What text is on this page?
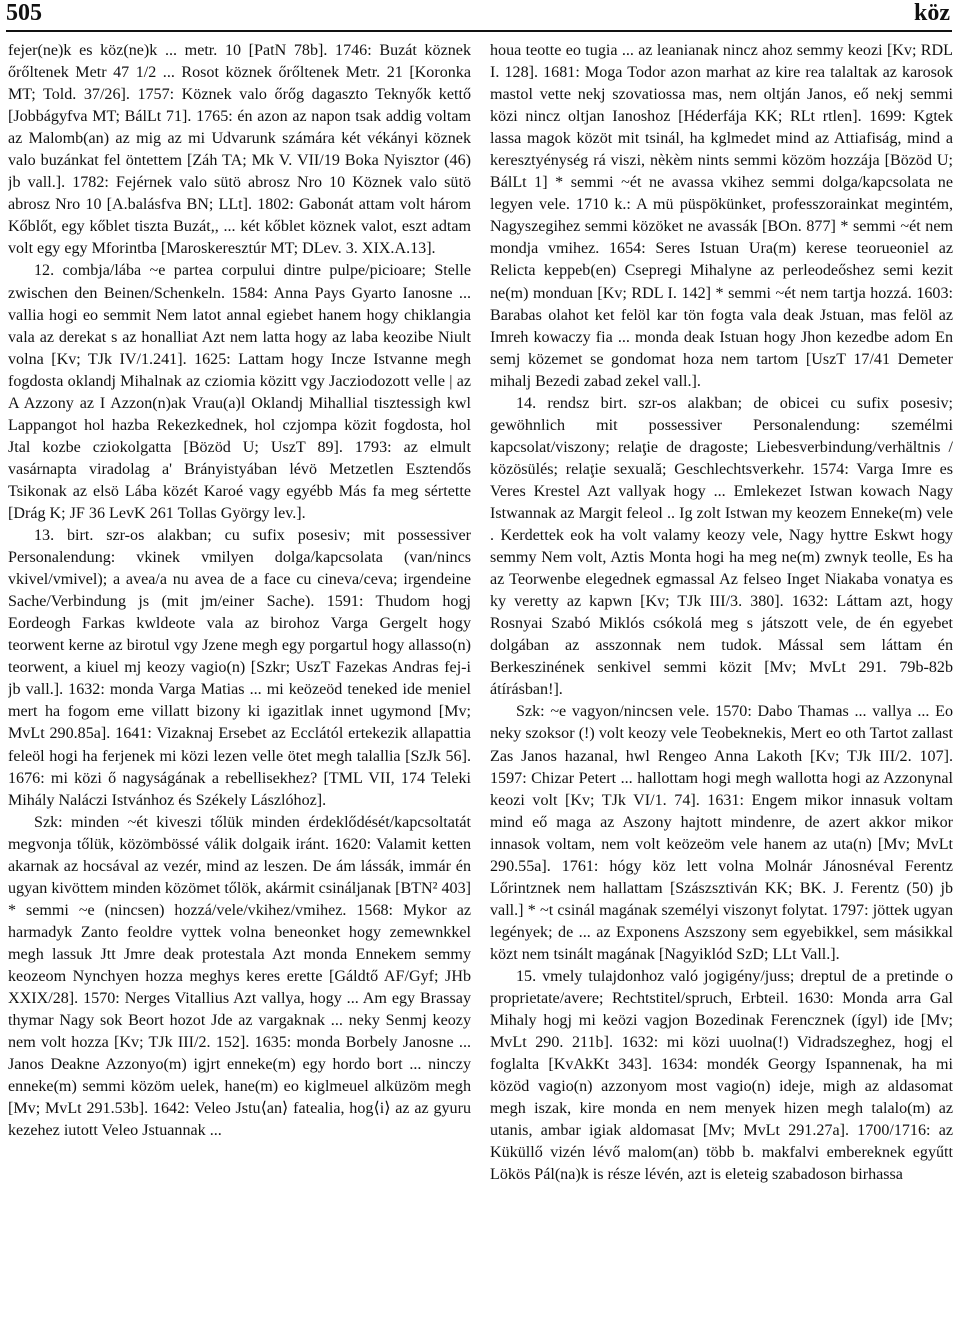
505	köz

fejer(ne)k es köz(ne)k ... metr. 10 [PatN 78b]. 1746: Buzát köznek őrőltenek Metr 47 1/2 ... Rosot köznek őrőltenek Metr. 21 [Koronka MT; Told. 37/26]. 1757: Köznek valo őrőg dagaszto Teknyők kettő [Jobbágyfva MT; BálLt 71]. 1765: én azon az napon tsak addig voltam az Malomb(an) az mig az mi Udvarunk számára két vékányi köznek valo buzánkat fel öntettem [Záh TA; Mk V. VII/19 Boka Nyisztor (46) jb vall.]. 1782: Fejérnek valo sütö abrosz Nro 10 Köznek valo sütö abrosz Nro 10 [A.balásfva BN; LLt]. 1802: Gabonát attam volt három Kőblőt, egy kőblet tiszta Buzát,, ... két kőblet köznek valot, eszt adtam volt egy egy Mforintba [Maroskeresztúr MT; DLev. 3. XIX.A.13].

12. combja/lába ~e partea corpului dintre pulpe/picioare; Stelle zwischen den Beinen/Schenkeln. 1584: Anna Pays Gyarto Ianosne ... vallia hogi eo semmit Nem latot annal egiebet hanem hogy chiklangia vala az derekat s az honalliat Azt nem latta hogy az laba keozibe Niult volna [Kv; TJk IV/1.241]. 1625: Lattam hogy Incze Istvanne megh fogdosta oklandj Mihalnak az cziomia közitt vgy Jacziodozott velle | az A Azzony az I Azzon(n)ak Vrau(a)l Oklandj Mihallial tisztessigh kwl Lappangot hol hazba Rekezkednek, hol czjompa közit fogdosta, hol Jtal kozbe cziokolgatta [Bözöd U; UszT 89]. 1793: az elmult vasárnapta viradolag a' Brányistyában lévö Metzetlen Esztendős Tsikonak az elsö Lába közét Karoé vagy egyébb Más fa meg sértette [Drág K; JF 36 LevK 261 Tollas György lev.].

13. birt. szr-os alakban; cu sufix posesiv; mit possessiver Personalendung: vkinek vmilyen dolga/kapcsolata (van/nincs vkivel/vmivel); a avea/a nu avea de a face cu cineva/ceva; irgendeine Sache/Verbindung js (mit jm/einer Sache). 1591: Thudom hogj Eordeogh Farkas kwldeote vala az birohoz Varga Gergelt hogy teorwent kerne az birotul vgy Jzene megh egy porgartul hogy allasso(n) teorwent, a kiuel mj keozy vagio(n) [Szkr; UszT Fazekas Andras fej-i jb vall.]. 1632: monda Varga Matias ... mi keözeöd teneked ide meniel mert ha fogom eme villatt bizony ki igazitlak innet ugymond [Mv; MvLt 290.85a]. 1641: Vizaknaj Ersebet az Ecclától ertekezik allapattia feleöl hogi ha ferjenek mi közi lezen velle ötet megh talallia [SzJk 56]. 1676: mi közi ő nagyságának a rebellisekhez? [TML VII, 174 Teleki Mihály Naláczi Istvánhoz és Székely Lászlóhoz].

Szk: minden ~ét kiveszi tőlük minden érdeklődését/kapcsoltatát megvonja tőlük, közömbössé válik dolgaik iránt. 1620: Valamit ketten akarnak az hocsával az vezér, mind az leszen. De ám lássák, immár én ugyan kivöttem minden közömet tőlök, akármit csináljanak [BTN² 403] * semmi ~e (nincsen) hozzá/vele/vkihez/vmihez. 1568: Mykor az harmadyk Zanto feoldre vyttek volna beneonket hogy zemewnkkel megh lassuk Jtt Jmre deak protestala Azt monda Ennekem semmy keozeom Nynchyen hozza meghys keres erette [Gáldtő AF/Gyf; JHb XXIX/28]. 1570: Nerges Vitallius Azt vallya, hogy ... Am egy Brassay thymar Nagy sok Beort hozot Jde az vargaknak ... neky Senmj keozy nem volt hozza [Kv; TJk III/2. 152]. 1635: monda Borbely Janosne ... Janos Deakne Azzonyo(m) igjrt enneke(m) egy hordo bort ... ninczy enneke(m) semmi közöm uelek, hane(m) eo kiglmeuel alküzöm megh [Mv; MvLt 291.53b]. 1642: Veleo Jstu⟨an⟩ fatealia, hog⟨i⟩ az az gyuru kezehez iutott Veleo Jstuannak ...

houa teotte eo tugia ... az leanianak nincz ahoz semmy keozi [Kv; RDL I. 128]. 1681: Moga Todor azon marhat az kire rea talaltak az karosok mastol vette nekj szovatiossa mas, nem oltján Janos, eő nekj semmi közi nincz oltjan Ianoshoz [Héderfája KK; RLt rtlen]. 1699: Kgtek lassa magok közöt mit tsinál, ha kglmedet mind az Attiafiság, mind a keresztyénység rá viszi, nèkèm nints semmi közöm hozzája [Bözöd U; BálLt 1] * semmi ~ét ne avassa vkihez semmi dolga/kapcsolata ne legyen vele. 1710 k.: A mü püspökünket, professzorainkat megintém, Nagyszegihez semmi közöket ne avassák [BOn. 877] * semmi ~ét nem mondja vmihez. 1654: Seres Istuan Ura(m) kerese teorueoniel az Relicta keppeb(en) Csepregi Mihalyne az perleodeőshez semi kezit ne(m) monduan [Kv; RDL I. 142] * semmi ~ét nem tartja hozzá. 1603: Barabas olahot ket felöl kar tön fogta vala deak Jstuan, mas felöl az Imreh kowaczy fia ... monda deak Istuan hogy Jhon kezedbe adom En semj közemet se gondomat hoza nem tartom [UszT 17/41 Demeter mihalj Bezedi zabad zekel vall.].

14. rendsz birt. szr-os alakban; de obicei cu sufix posesiv; gewöhnlich mit possessiver Personalendung: személmi kapcsolat/viszony; relaţie de dragoste; Liebesverbindung/verhältnis / közösülés; relaţie sexuală; Geschlechtsverkehr. 1574: Varga Imre es Veres Krestel Azt vallyak hogy ... Emlekezet Istwan kowach Nagy Istwannak az Margit feleol .. Ig zolt Istwan my keozem Enneke(m) vele . Kerdettek eok ha volt valamy keozy vele, Nagy hyttre Eskwt hogy semmy Nem volt, Aztis Monta hogi ha meg ne(m) zwnyk teolle, Es ha az Teorwenbe elegednek egmassal Az felseo Inget Niakaba vonatya es ky veretty az kapwn [Kv; TJk III/3. 380]. 1632: Láttam azt, hogy Rosnyai Szabó Miklós csókolá meg s játszott vele, de én egyebet dolgában az asszonnak nem tudok. Mással sem láttam én Berkeszinének senkivel semmi közit [Mv; MvLt 291. 79b-82b átírásban!].

Szk: ~e vagyon/nincsen vele. 1570: Dabo Thamas ... vallya ... Eo neky szoksor (!) volt keozy vele Teobeknekis, Mert eo oth Tartot zallast Zas Janos hazanal, hwl Rengeo Anna Lakoth [Kv; TJk III/2. 107]. 1597: Chizar Petert ... hallottam hogi megh wallotta hogi az Azzonynal keozi volt [Kv; TJk VI/1. 74]. 1631: Engem mikor innasuk voltam mind eő maga az Aszony hajtott mindenre, de azert akkor mikor innasok voltam, nem volt keözeöm vele hanem az uta(n) [Mv; MvLt 290.55a]. 1761: hógy köz lett volna Molnár Jánosnéval Ferentz Lőrintznek nem hallattam [Szászsztiván KK; BK. J. Ferentz (50) jb vall.] * ~t csinál magának személyi viszonyt folytat. 1797: jöttek ugyan legények; de ... az Exponens Aszszony sem egyebikkel, sem másikkal közt nem tsinált magának [Nagyiklód SzD; LLt Vall.].

15. vmely tulajdonhoz való jogigény/juss; dreptul de a pretinde o proprietate/avere; Rechtstitel/spruch, Erbteil. 1630: Monda arra Gal Mihaly hogj mi keözi vagjon Bozedinak Ferencznek (ígyl) ide [Mv; MvLt 290. 211b]. 1632: mi közi uuolna(!) Vidradszeghez, hogj el foglalta [KvAkKt 343]. 1634: mondék Georgy Ispannenak, ha mi közöd vagio(n) azzonyom most vagio(n) ideje, migh az aldasomat megh iszak, kire monda en nem menyek hizen megh talalo(m) az utanis, ambar igiak aldomasat [Mv; MvLt 291.27a]. 1700/1716: az Küküllő vizén lévő malom(an) több b. makfalvi embereknek egyűtt Lökös Pál(na)k is része lévén, azt is eleteig szabadoson birhassa
